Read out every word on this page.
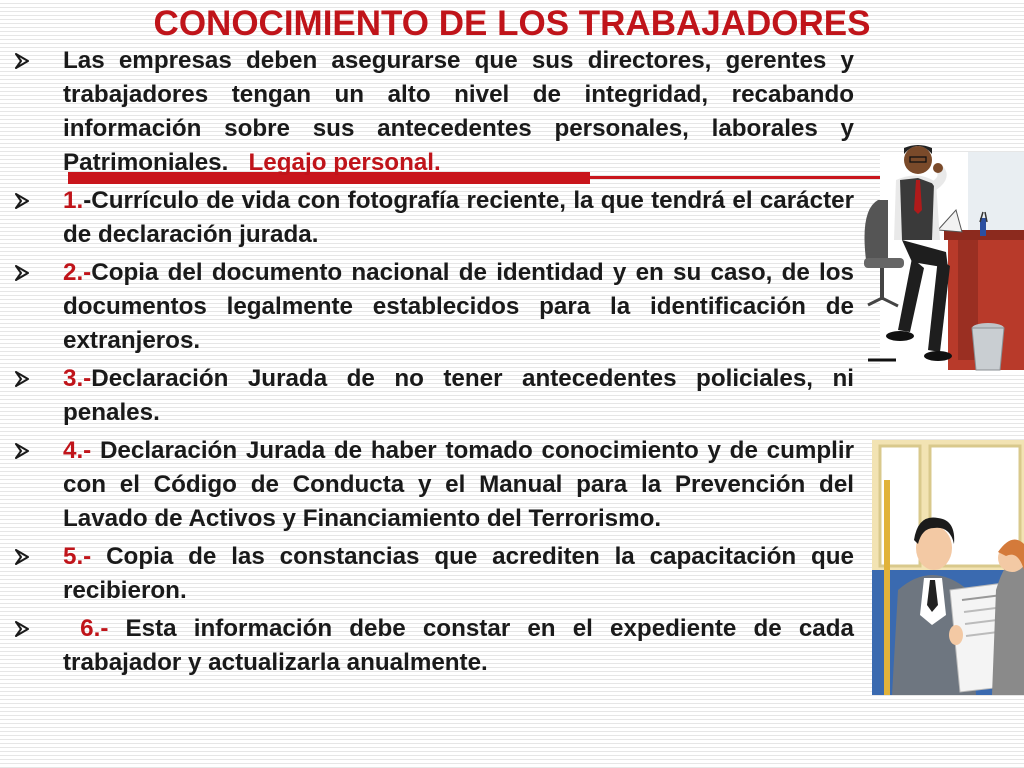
CONOCIMIENTO DE LOS TRABAJADORES
Las empresas deben asegurarse que sus directores, gerentes y trabajadores tengan un alto nivel de integridad, recabando información sobre sus antecedentes personales, laborales y Patrimoniales. Legajo personal.
1.-Currículo de vida con fotografía reciente, la que tendrá el carácter de declaración jurada.
2.-Copia del documento nacional de identidad y en su caso, de los documentos legalmente establecidos para la identificación de extranjeros.
3.-Declaración Jurada de no tener antecedentes policiales, ni penales.
4.- Declaración Jurada de haber tomado conocimiento y de cumplir con el Código de Conducta y el Manual para la Prevención del Lavado de Activos y Financiamiento del Terrorismo.
5.- Copia de las constancias que acrediten la capacitación que recibieron.
6.- Esta información debe constar en el expediente de cada trabajador y actualizarla anualmente.
